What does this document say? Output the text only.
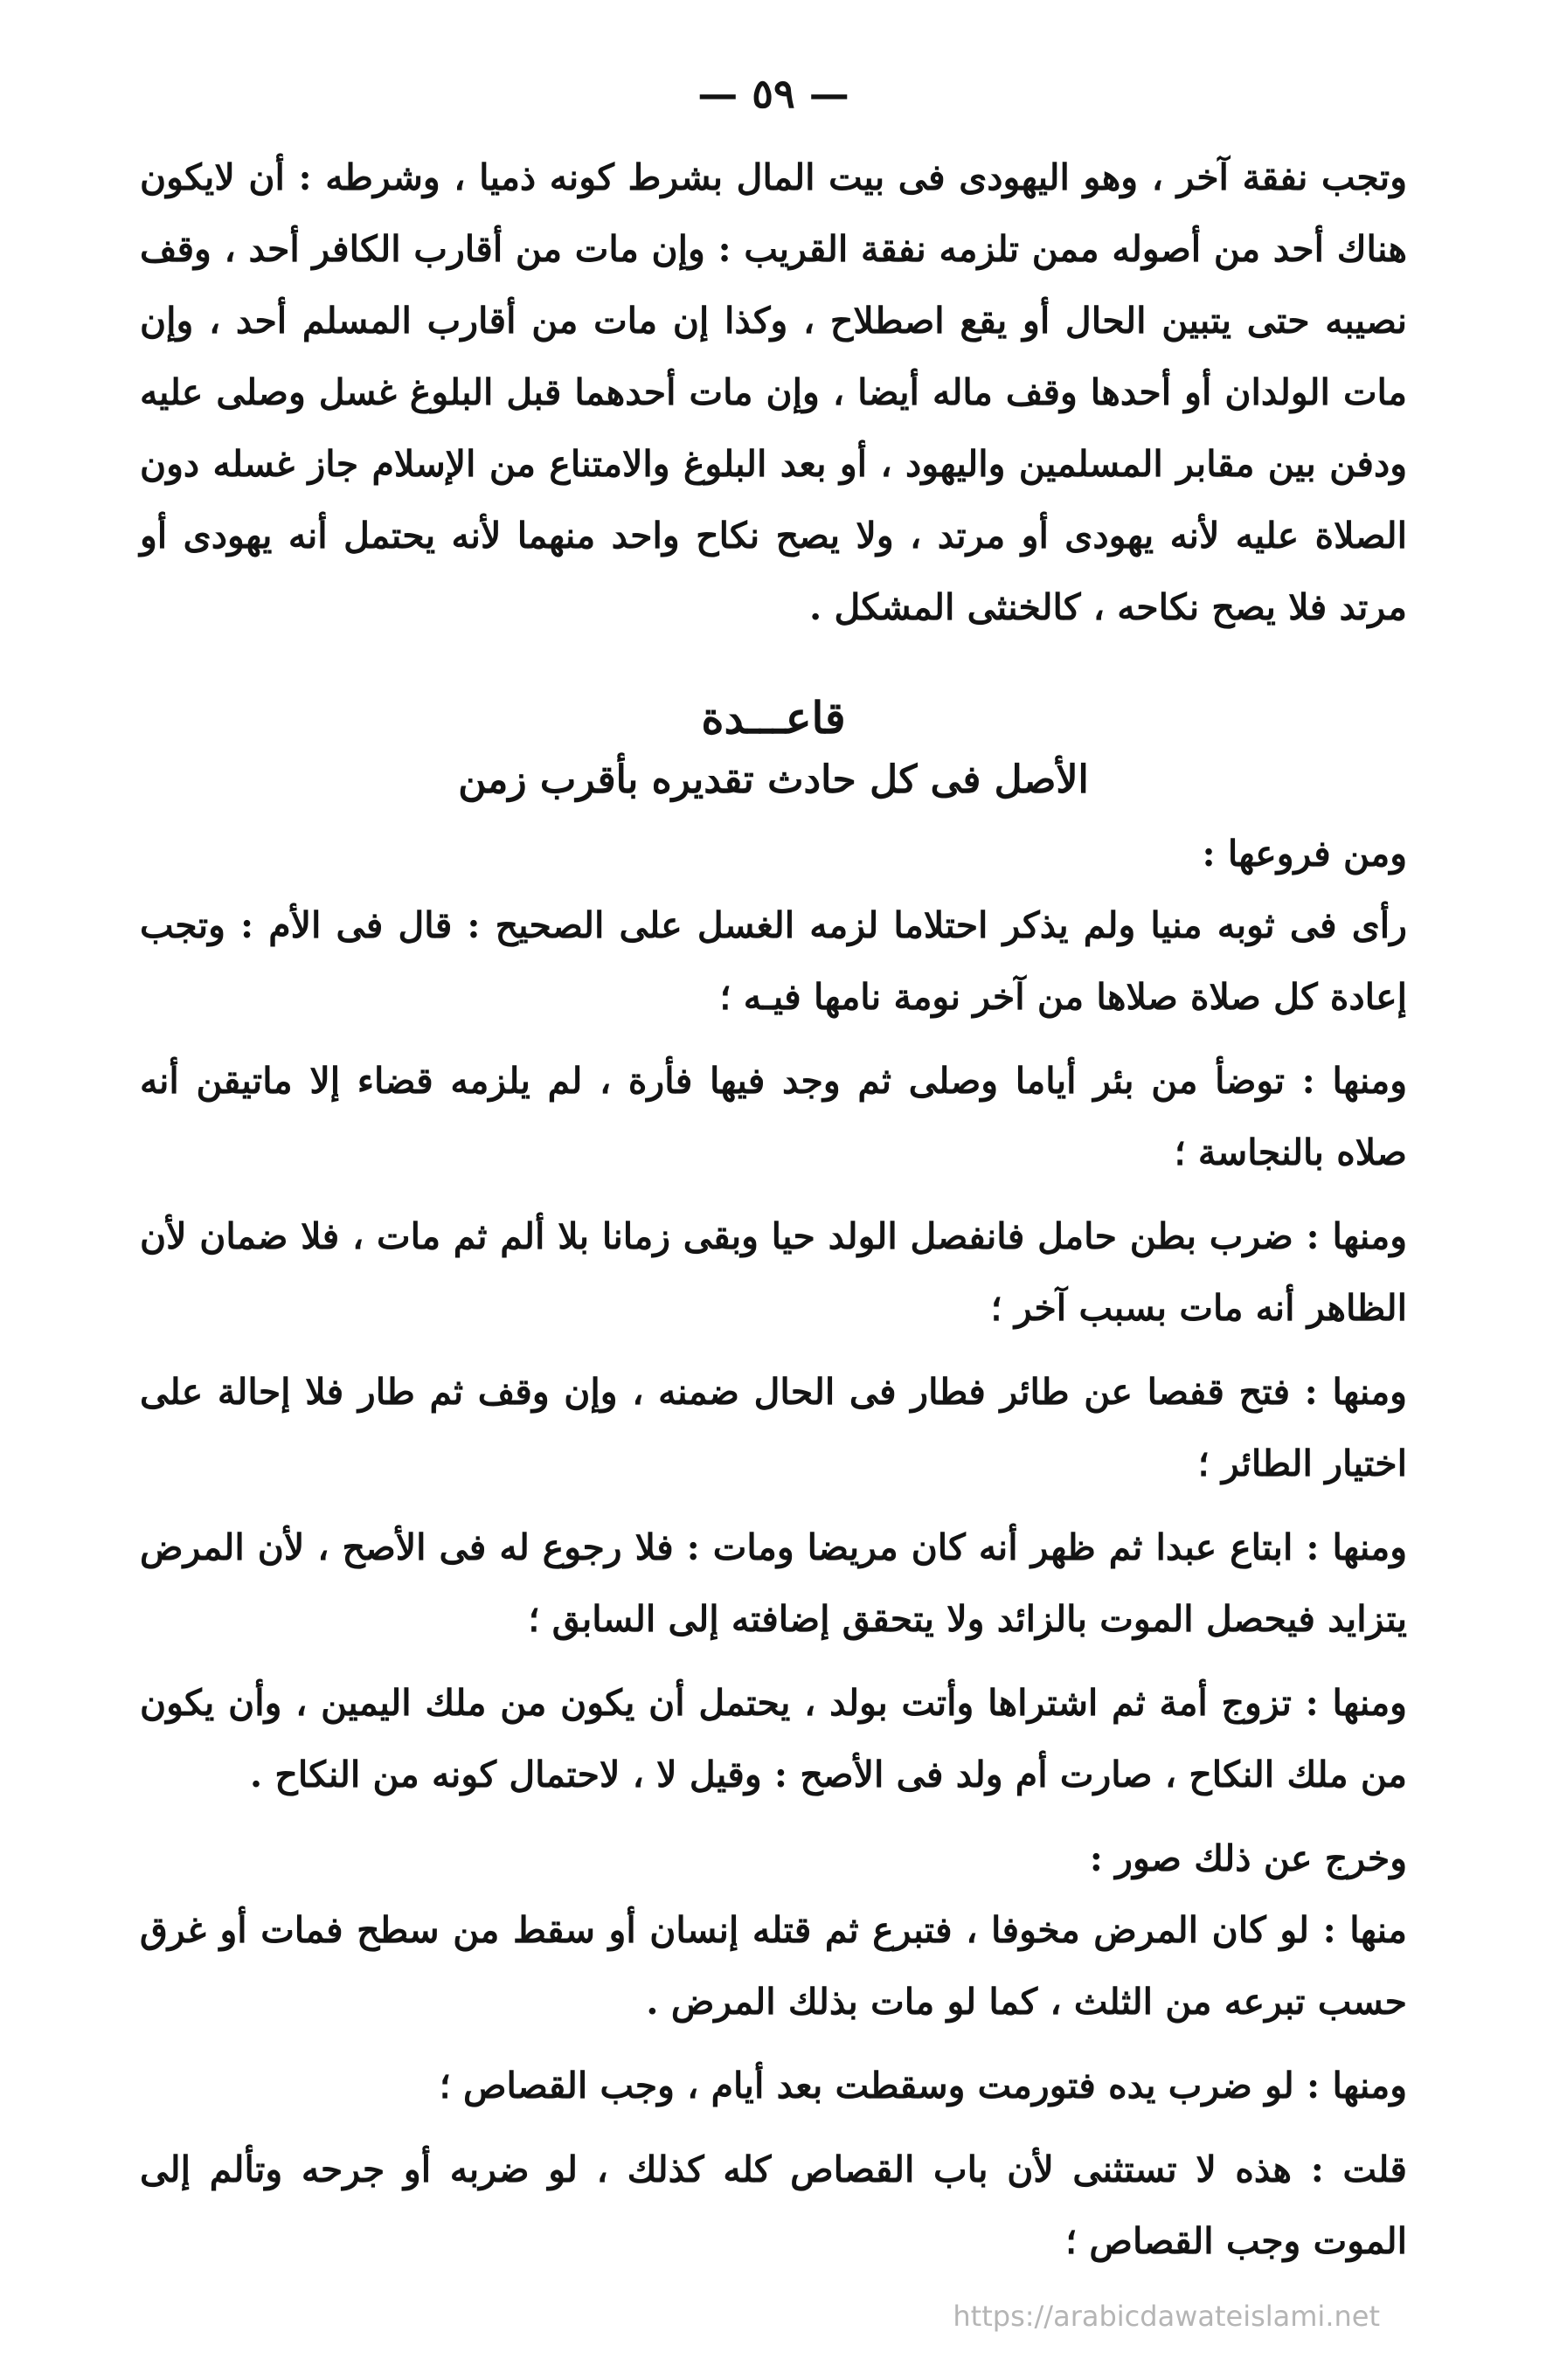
— ٥٩ —

وتجب نفقة آخر ، وهو اليهودى فى بيت المال بشرط كونه ذميا ، وشرطه : أن لايكون هناك أحد من أصوله ممن تلزمه نفقة القريب : وإن مات من أقارب الكافر أحد ، وقف نصيبه حتى يتبين الحال أو يقع اصطلاح ، وكذا إن مات من أقارب المسلم أحد ، وإن مات الولدان أو أحدها وقف ماله أيضا ، وإن مات أحدهما قبل البلوغ غسل وصلى عليه ودفن بين مقابر المسلمين واليهود ، أو بعد البلوغ والامتناع من الإسلام جاز غسله دون الصلاة عليه لأنه يهودى أو مرتد ، ولا يصح نكاح واحد منهما لأنه يحتمل أنه يهودى أو مرتد فلا يصح نكاحه ، كالخنثى المشكل .

قاعـــدة
الأصل فى كل حادث تقديره بأقرب زمن

ومن فروعها :

رأى فى ثوبه منيا ولم يذكر احتلاما لزمه الغسل على الصحيح : قال فى الأم : وتجب إعادة كل صلاة صلاها من آخر نومة نامها فيـه ؛

ومنها : توضأ من بئر أياما وصلى ثم وجد فيها فأرة ، لم يلزمه قضاء إلا ماتيقن أنه صلاه بالنجاسة ؛

ومنها : ضرب بطن حامل فانفصل الولد حيا وبقى زمانا بلا ألم ثم مات ، فلا ضمان لأن الظاهر أنه مات بسبب آخر ؛

ومنها : فتح قفصا عن طائر فطار فى الحال ضمنه ، وإن وقف ثم طار فلا إحالة على اختيار الطائر ؛

ومنها : ابتاع عبدا ثم ظهر أنه كان مريضا ومات : فلا رجوع له فى الأصح ، لأن المرض يتزايد فيحصل الموت بالزائد ولا يتحقق إضافته إلى السابق ؛

ومنها : تزوج أمة ثم اشتراها وأتت بولد ، يحتمل أن يكون من ملك اليمين ، وأن يكون من ملك النكاح ، صارت أم ولد فى الأصح : وقيل لا ، لاحتمال كونه من النكاح .

وخرج عن ذلك صور :

منها : لو كان المرض مخوفا ، فتبرع ثم قتله إنسان أو سقط من سطح فمات أو غرق حسب تبرعه من الثلث ، كما لو مات بذلك المرض .

ومنها : لو ضرب يده فتورمت وسقطت بعد أيام ، وجب القصاص ؛

قلت : هذه لا تستثنى لأن باب القصاص كله كذلك ، لو ضربه أو جرحه وتألم إلى الموت وجب القصاص ؛

https://arabicdawateislami.net
